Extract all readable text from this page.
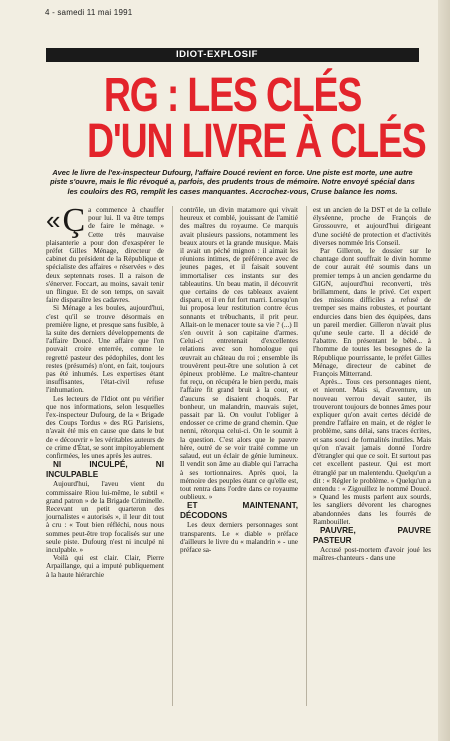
4 - samedi 11 mai 1991
IDIOT-EXPLOSIF
RG : LES CLÉS
D'UN LIVRE À CLÉS
Avec le livre de l'ex-inspecteur Dufourg, l'affaire Doucé revient en force. Une piste est morte, une autre piste s'ouvre, mais le flic révoqué a, parfois, des prudents trous de mémoire. Notre envoyé spécial dans les couloirs des RG, remplit les cases manquantes. Accrochez-vous, Cruse balance les noms.

« Ç a commence à chauffer pour lui. Il va être temps de faire le ménage. » Cette très mauvaise plaisanterie a pour don d'exaspérer le préfet Gilles Ménage, directeur de cabinet du président de la République et spécialiste des affaires « réservées » des deux septennats roses. Il a raison de s'énerver. Foccart, au moins, savait tenir un flingue. Et de son temps, on savait faire disparaître les cadavres.

Si Ménage a les boules, aujourd'hui, c'est qu'il se trouve désormais en première ligne, et presque sans fusible, à la suite des derniers développements de l'affaire Doucé. Une affaire que l'on pouvait croire enterrée, comme le regretté pasteur des pédophiles, dont les restes (présumés) n'ont, en fait, toujours pas été inhumés. Les expertises étant insuffisantes, l'état-civil refuse l'inhumation.

Les lecteurs de l'Idiot ont pu vérifier que nos informations, selon lesquelles l'ex-inspecteur Dufourg, de la « Brigade des Coups Tordus » des RG Parisiens, n'avait été mis en cause que dans le but de « découvrir » les véritables auteurs de ce crime d'État, se sont impitoyablement confirmées, les unes après les autres.

NI INCULPÉ, NI INCULPABLE

Aujourd'hui, l'aveu vient du commissaire Riou lui-même, le subtil « grand patron » de la Brigade Criminelle. Recevant un petit quarteron des journalistes « autorisés », il leur dit tout à cru : « Tout bien réfléchi, nous nous sommes peut-être trop focalisés sur une seule piste. Dufourg n'est ni inculpé ni inculpable. »

Voilà qui est clair. Clair, Pierre Arpaillange, qui a imputé publiquement à la haute hiérarchie

contrôle, un divin matamore qui vivait heureux et comblé, jouissant de l'amitié des maîtres du royaume. Ce marquis avait plusieurs passions, notamment les beaux atours et la grande musique. Mais il avait un péché mignon : il aimait les réunions intimes, de préférence avec de jeunes pages, et il faisait souvent immortaliser ces instants sur des tableautins. Un beau matin, il découvrit que certains de ces tableaux avaient disparu, et il en fut fort marri. Lorsqu'on lui proposa leur restitution contre écus sonnants et trébuchants, il prit peur. Allait-on le menacer toute sa vie ? (...) Il s'en ouvrit à son capitaine d'armes. Celui-ci entretenait d'excellentes relations avec son homologue qui œuvrait au château du roi ; ensemble ils trouvèrent peut-être une solution à cet épineux problème. Le maître-chanteur fut reçu, on récupéra le bien perdu, mais l'affaire fit grand bruit à la cour, et d'aucuns se disaient choqués. Par bonheur, un malandrin, mauvais sujet, passait par là. On voulut l'obliger à endosser ce crime de grand chemin. Que nenni, rétorqua celui-ci. On le soumit à la question. C'est alors que le pauvre hère, outré de se voir traité comme un salaud, eut un éclair de génie lumineux. Il vendit son âme au diable qui l'arracha à ses tortionnaires. Après quoi, la mémoire des peuples étant ce qu'elle est, tout rentra dans l'ordre dans ce royaume oublieux. »

ET MAINTENANT, DÉCODONS

Les deux derniers personnages sont transparents. Le « diable » préface d'ailleurs le livre du « malandrin » - une préface sa-

est un ancien de la DST et de la cellule élyséenne, proche de François de Grossouvre, et aujourd'hui dirigeant d'une société de protection et d'activités diverses nommée Iris Conseil.

Par Gilleron, le dossier sur le chantage dont souffrait le divin homme de cour aurait été soumis dans un premier temps à un ancien gendarme du GIGN, aujourd'hui reconverti, très brillamment, dans le privé. Cet expert des missions difficiles a refusé de tremper ses mains robustes, et pourtant endurcies dans bien des équipées, dans un pareil merdier. Gilleron n'avait plus qu'une seule carte. Il a décidé de l'abattre. En présentant le bébé... à l'homme de toutes les besognes de la République pourrissante, le préfet Gilles Ménage, directeur de cabinet de François Mitterrand.

Après... Tous ces personnages nient, et nieront. Mais si, d'aventure, un nouveau verrou devait sauter, ils trouveront toujours de bonnes âmes pour expliquer qu'on avait certes décidé de prendre l'affaire en main, et de régler le problème, sans délai, sans traces écrites, et sans souci de formalités inutiles. Mais qu'on n'avait jamais donné l'ordre d'étrangler qui que ce soit. Et surtout pas cet excellent pasteur. Qui est mort étranglé par un malentendu. Quelqu'un a dit : « Régler le problème. » Quelqu'un a entendu : « Zigouillez le nommé Doucé. » Quand les musts parlent aux sourds, les sangliers dévorent les charognes abandonnées dans les fourrés de Rambouillet.

PAUVRE, PAUVRE PASTEUR

Accusé post-mortem d'avoir joué les maîtres-chanteurs - dans une
